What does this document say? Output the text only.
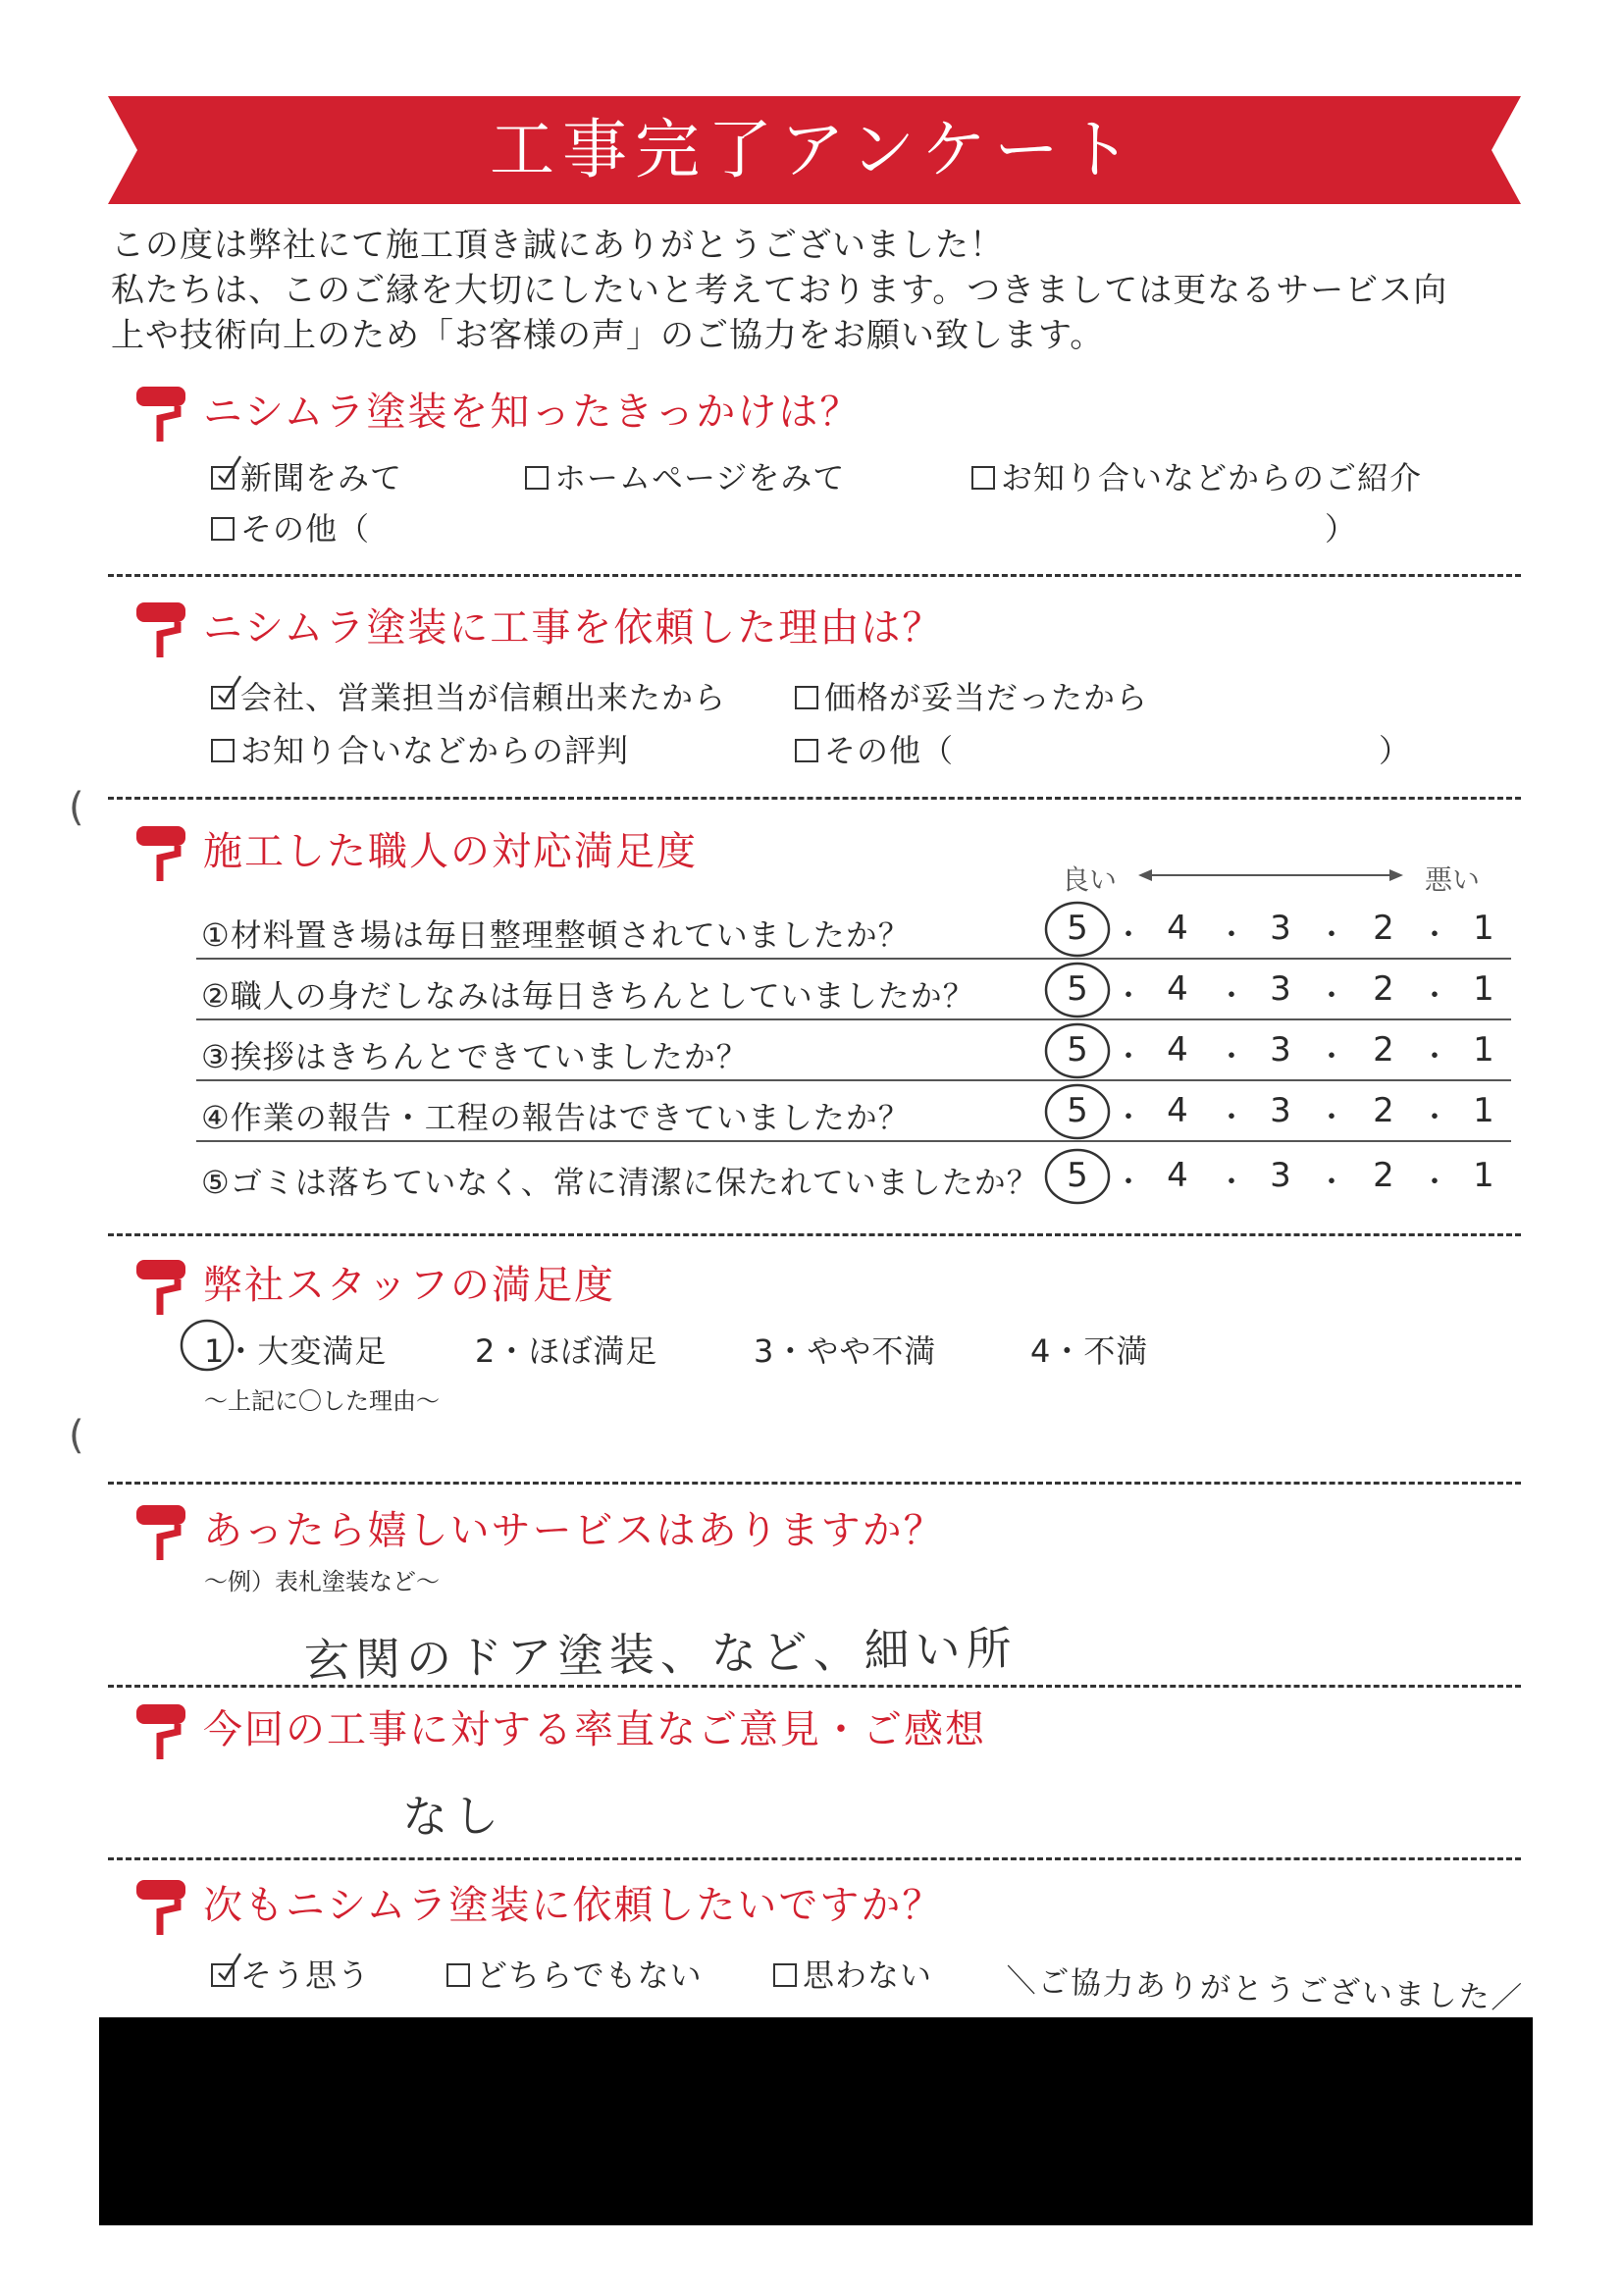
工事完了アンケート
この度は弊社にて施工頂き誠にありがとうございました！
私たちは、このご縁を大切にしたいと考えております。つきましては更なるサービス向
上や技術向上のため「お客様の声」のご協力をお願い致します。
ニシムラ塗装を知ったきっかけは？
新聞をみて	ホームページをみて	お知り合いなどからのご紹介
その他（	）
ニシムラ塗装に工事を依頼した理由は？
会社、営業担当が信頼出来たから	価格が妥当だったから
お知り合いなどからの評判	その他（	）
(
施工した職人の対応満足度
良い	悪い
①材料置き場は毎日整理整頓されていましたか？	5 ・ 4 ・ 3 ・ 2 ・ 1
②職人の身だしなみは毎日きちんとしていましたか？	5 ・ 4 ・ 3 ・ 2 ・ 1
③挨拶はきちんとできていましたか？	5 ・ 4 ・ 3 ・ 2 ・ 1
④作業の報告・工程の報告はできていましたか？	5 ・ 4 ・ 3 ・ 2 ・ 1
⑤ゴミは落ちていなく、常に清潔に保たれていましたか？ 5 ・ 4 ・ 3 ・ 2 ・ 1
弊社スタッフの満足度
1・大変満足	2・ほぼ満足	3・やや不満	4・不満
～上記に〇した理由～
(
あったら嬉しいサービスはありますか？
～例）表札塗装など～
玄関のドア塗装、など、細い所
今回の工事に対する率直なご意見・ご感想
なし
次もニシムラ塗装に依頼したいですか？
そう思う	どちらでもない	思わない ＼ご協力ありがとうございました／
